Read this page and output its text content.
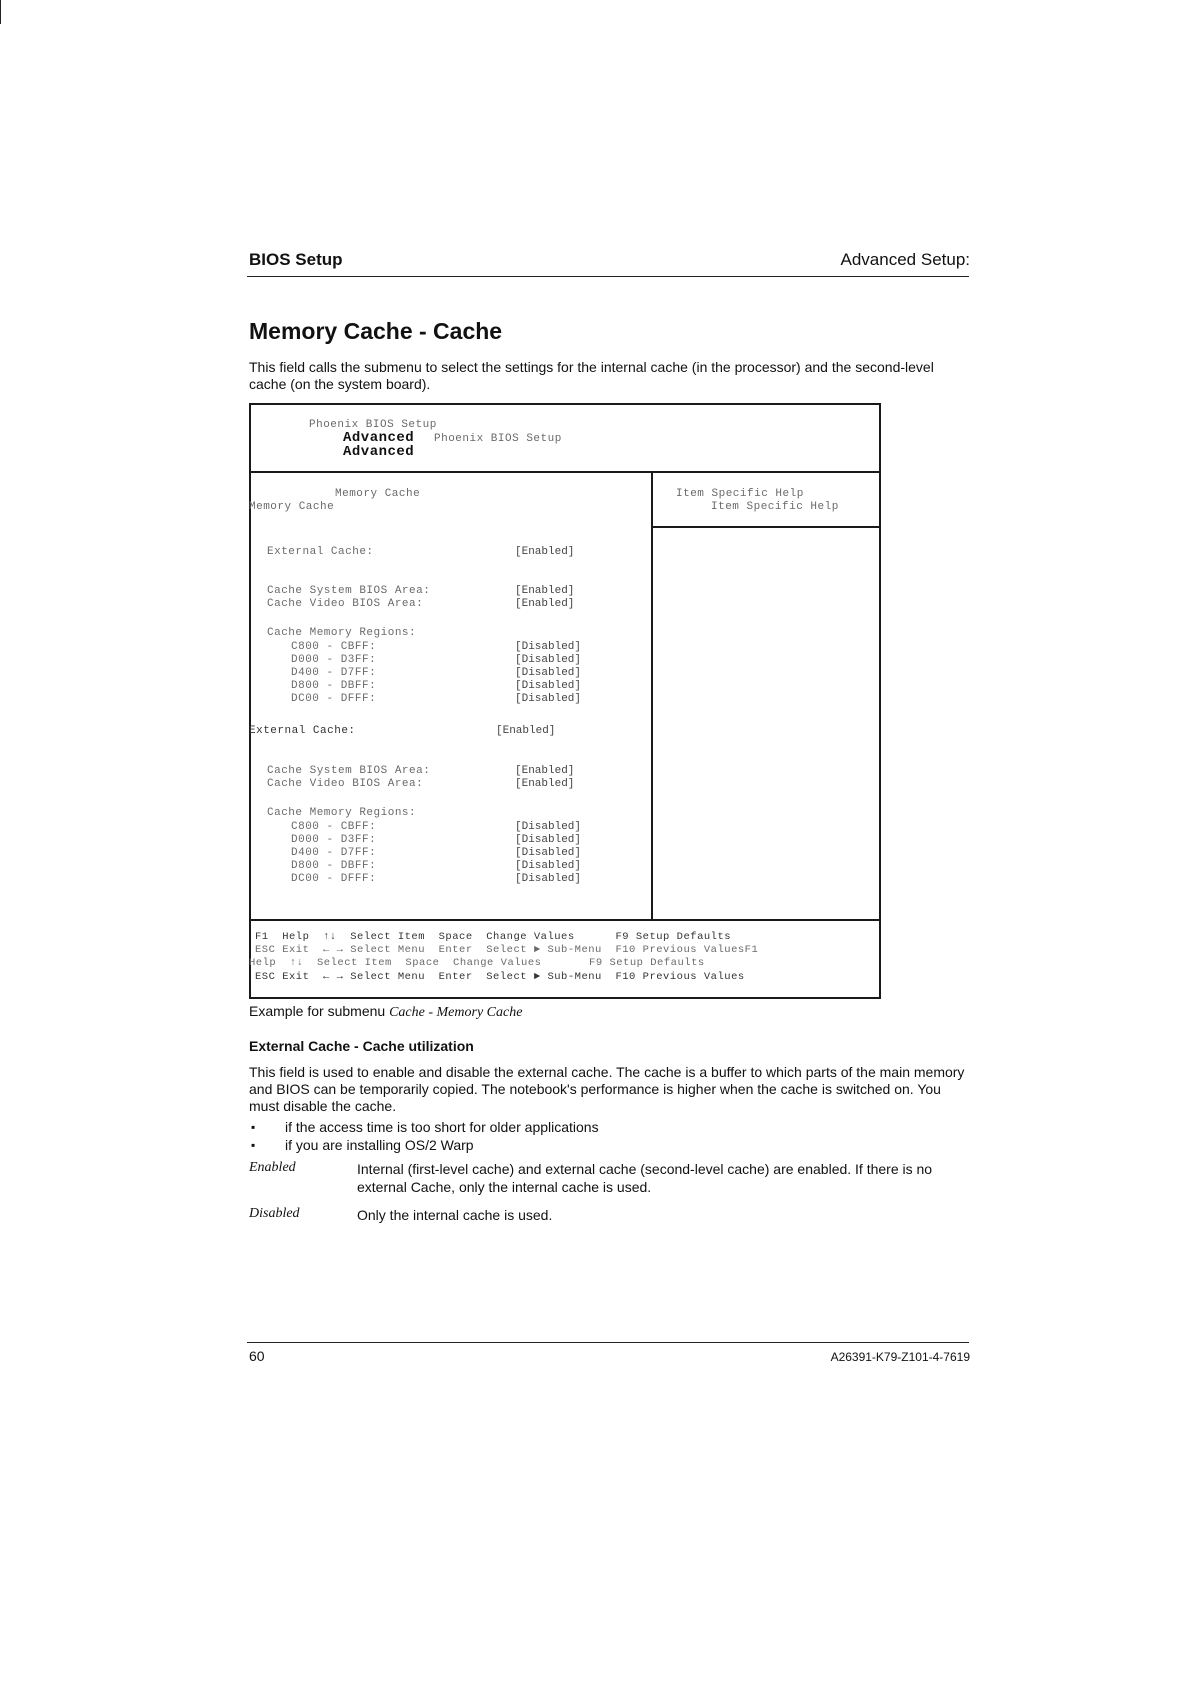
BIOS Setup	Advanced Setup:
Memory Cache - Cache
This field calls the submenu to select the settings for the internal cache (in the processor) and the second-level cache (on the system board).
Phoenix BIOS Setup
Advanced Phoenix BIOS Setup
Advanced
Memory Cache
Memory Cache
Item Specific Help
Item Specific Help
External Cache:	[Enabled]
Cache System BIOS Area:	[Enabled]
Cache Video BIOS Area:	[Enabled]
Cache Memory Regions:
C800 - CBFF:	[Disabled]
D000 - D3FF:	[Disabled]
D400 - D7FF:	[Disabled]
D800 - DBFF:	[Disabled]
DC00 - DFFF:	[Disabled]
External Cache:	[Enabled]
Cache System BIOS Area:	[Enabled]
Cache Video BIOS Area:	[Enabled]
Cache Memory Regions:
C800 - CBFF:	[Disabled]
D000 - D3FF:	[Disabled]
D400 - D7FF:	[Disabled]
D800 - DBFF:	[Disabled]
DC00 - DFFF:	[Disabled]
F1  Help  ↑↓  Select Item  Space  Change Values      F9 Setup Defaults
ESC Exit  ← → Select Menu  Enter  Select ► Sub-Menu  F10 Previous ValuesF1
Help  ↑↓  Select Item  Space  Change Values       F9 Setup Defaults
ESC Exit  ← → Select Menu  Enter  Select ► Sub-Menu  F10 Previous Values
Example for submenu Cache - Memory Cache
External Cache - Cache utilization
This field is used to enable and disable the external cache. The cache is a buffer to which parts of the main memory and BIOS can be temporarily copied. The notebook's performance is higher when the cache is switched on. You must disable the cache.
▪ if the access time is too short for older applications
▪ if you are installing OS/2 Warp
Enabled	Internal (first-level cache) and external cache (second-level cache) are enabled. If there is no external Cache, only the internal cache is used.
Disabled	Only the internal cache is used.
60	A26391-K79-Z101-4-7619
